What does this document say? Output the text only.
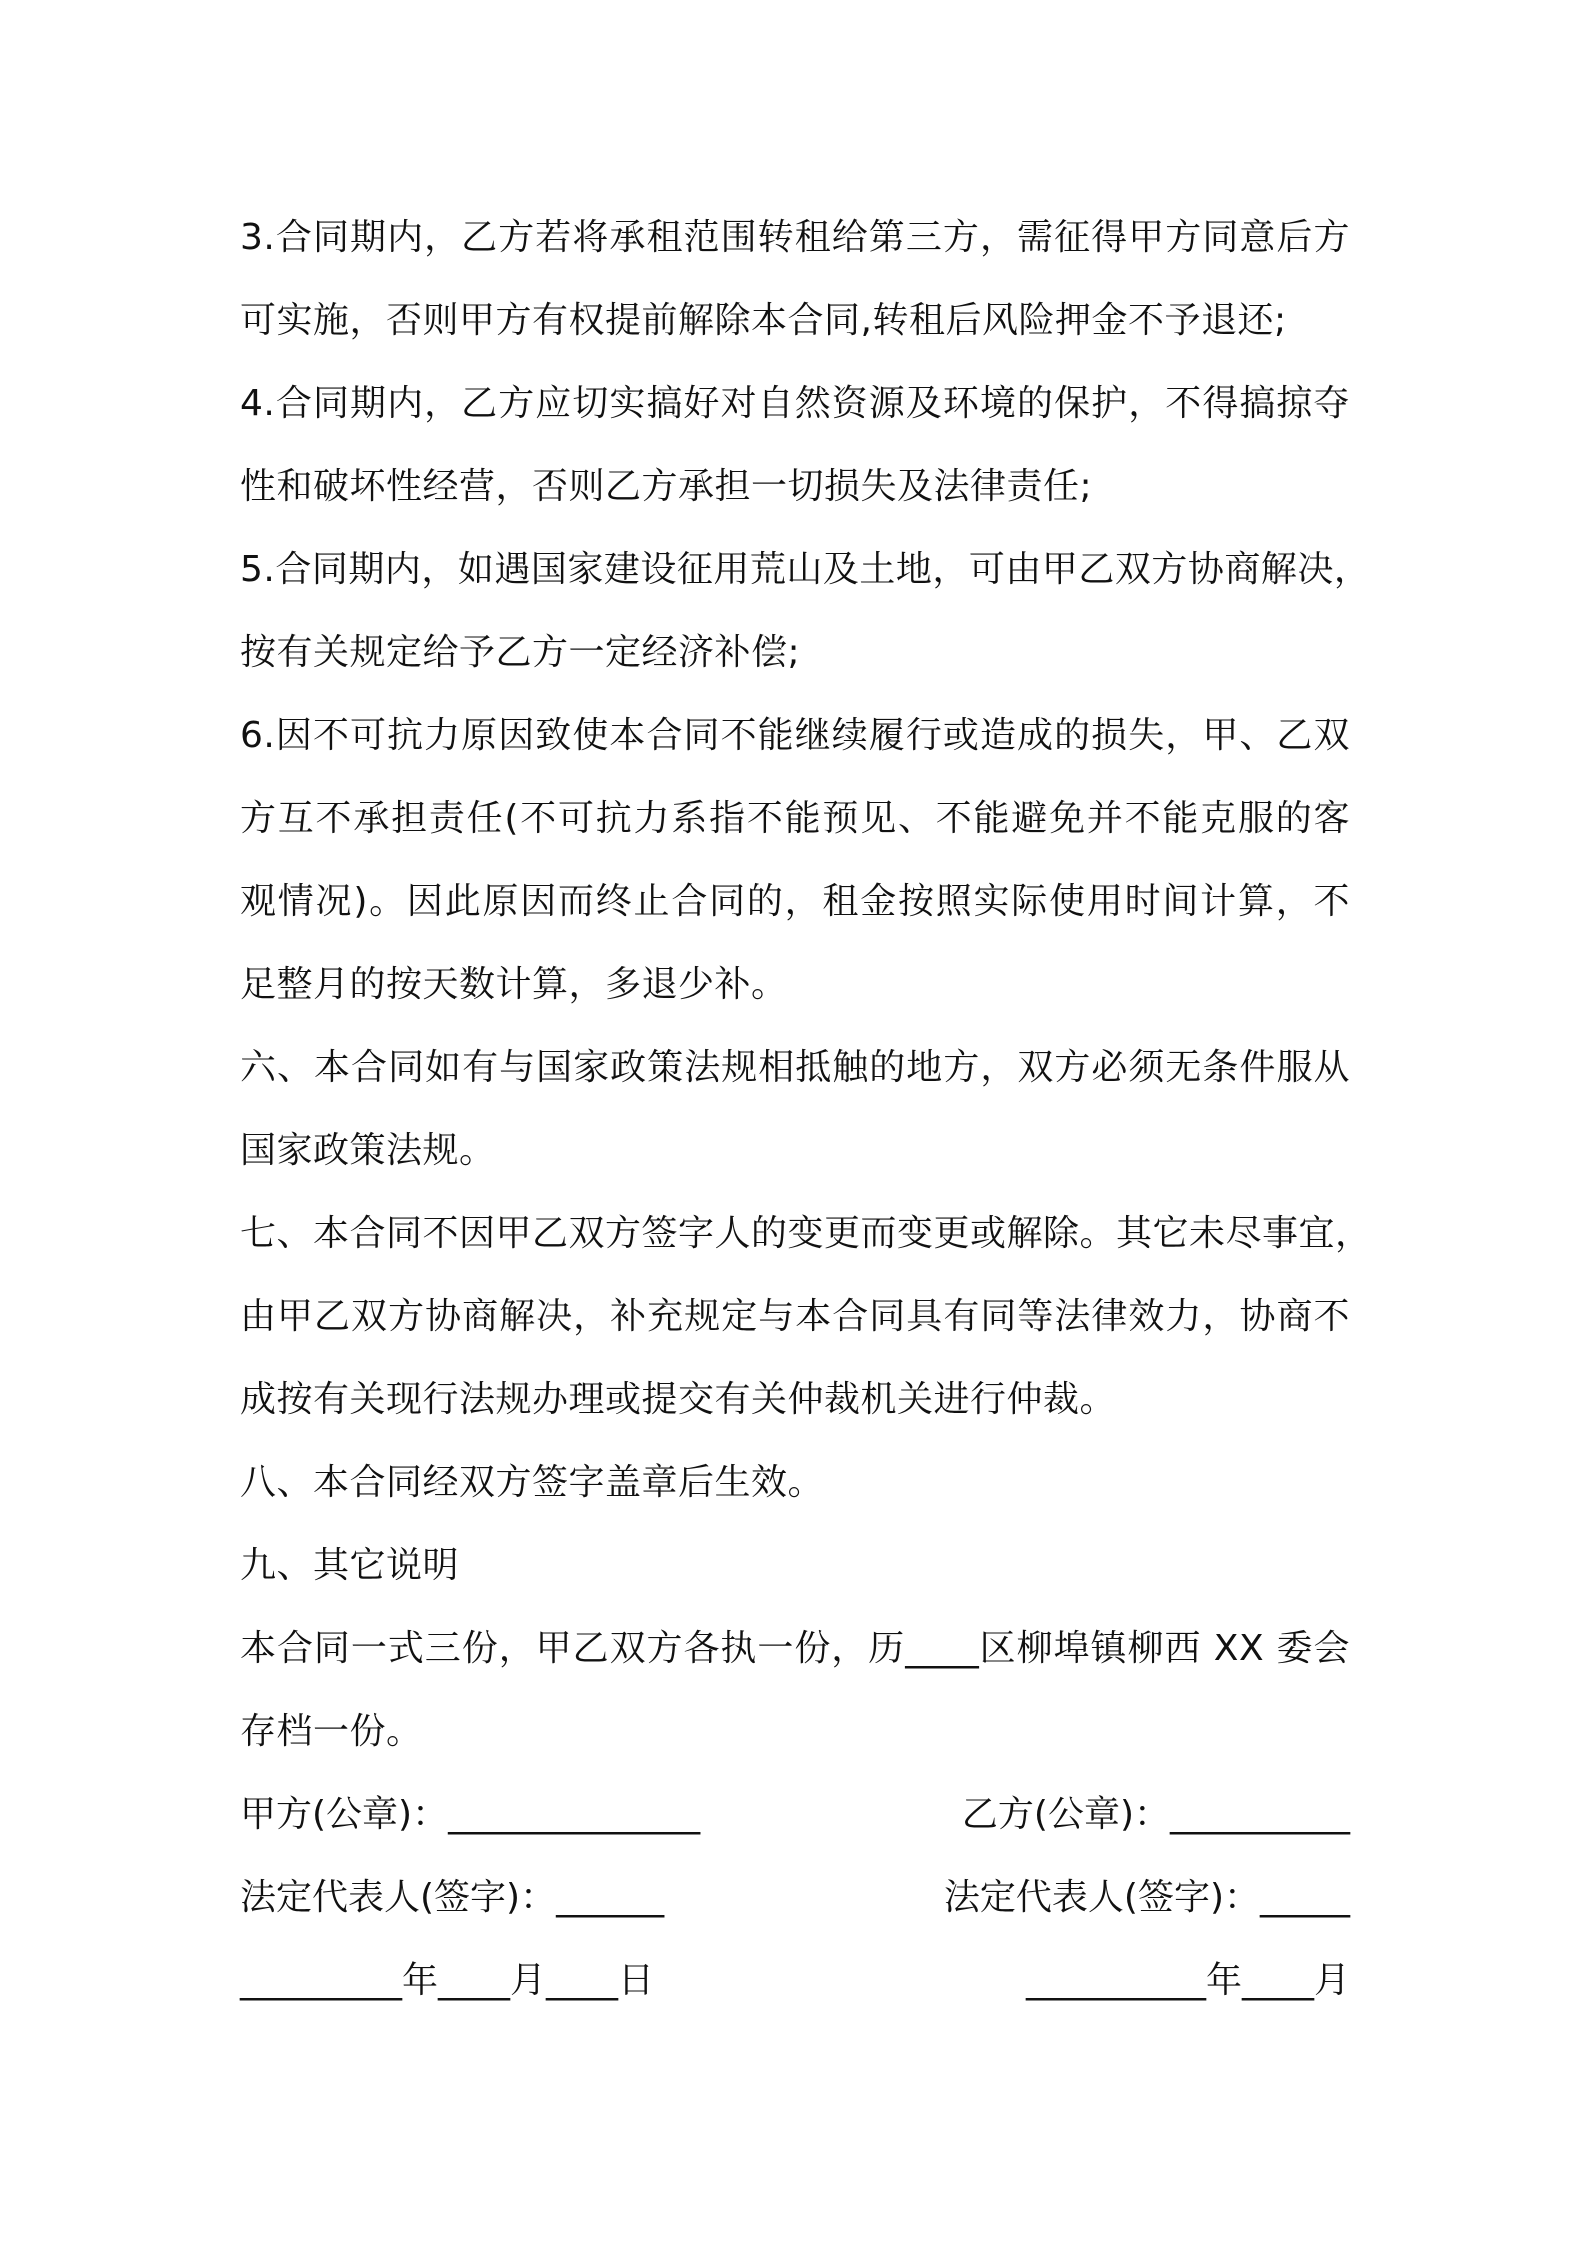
3.合同期内，乙方若将承租范围转租给第三方，需征得甲方同意后方
可实施，否则甲方有权提前解除本合同,转租后风险押金不予退还;
4.合同期内，乙方应切实搞好对自然资源及环境的保护，不得搞掠夺
性和破坏性经营，否则乙方承担一切损失及法律责任;
5.合同期内，如遇国家建设征用荒山及土地，可由甲乙双方协商解决，
按有关规定给予乙方一定经济补偿;
6.因不可抗力原因致使本合同不能继续履行或造成的损失，甲、乙双
方互不承担责任(不可抗力系指不能预见、不能避免并不能克服的客
观情况)。因此原因而终止合同的，租金按照实际使用时间计算，不
足整月的按天数计算，多退少补。
六、本合同如有与国家政策法规相抵触的地方，双方必须无条件服从
国家政策法规。
七、本合同不因甲乙双方签字人的变更而变更或解除。其它未尽事宜，
由甲乙双方协商解决，补充规定与本合同具有同等法律效力，协商不
成按有关现行法规办理或提交有关仲裁机关进行仲裁。
八、本合同经双方签字盖章后生效。
九、其它说明
本合同一式三份，甲乙双方各执一份，历____区柳埠镇柳西 XX 委会
存档一份。
甲方(公章)：______________	乙方(公章)：__________
法定代表人(签字)：______	法定代表人(签字)：_____
_________年____月____日	__________年____月
